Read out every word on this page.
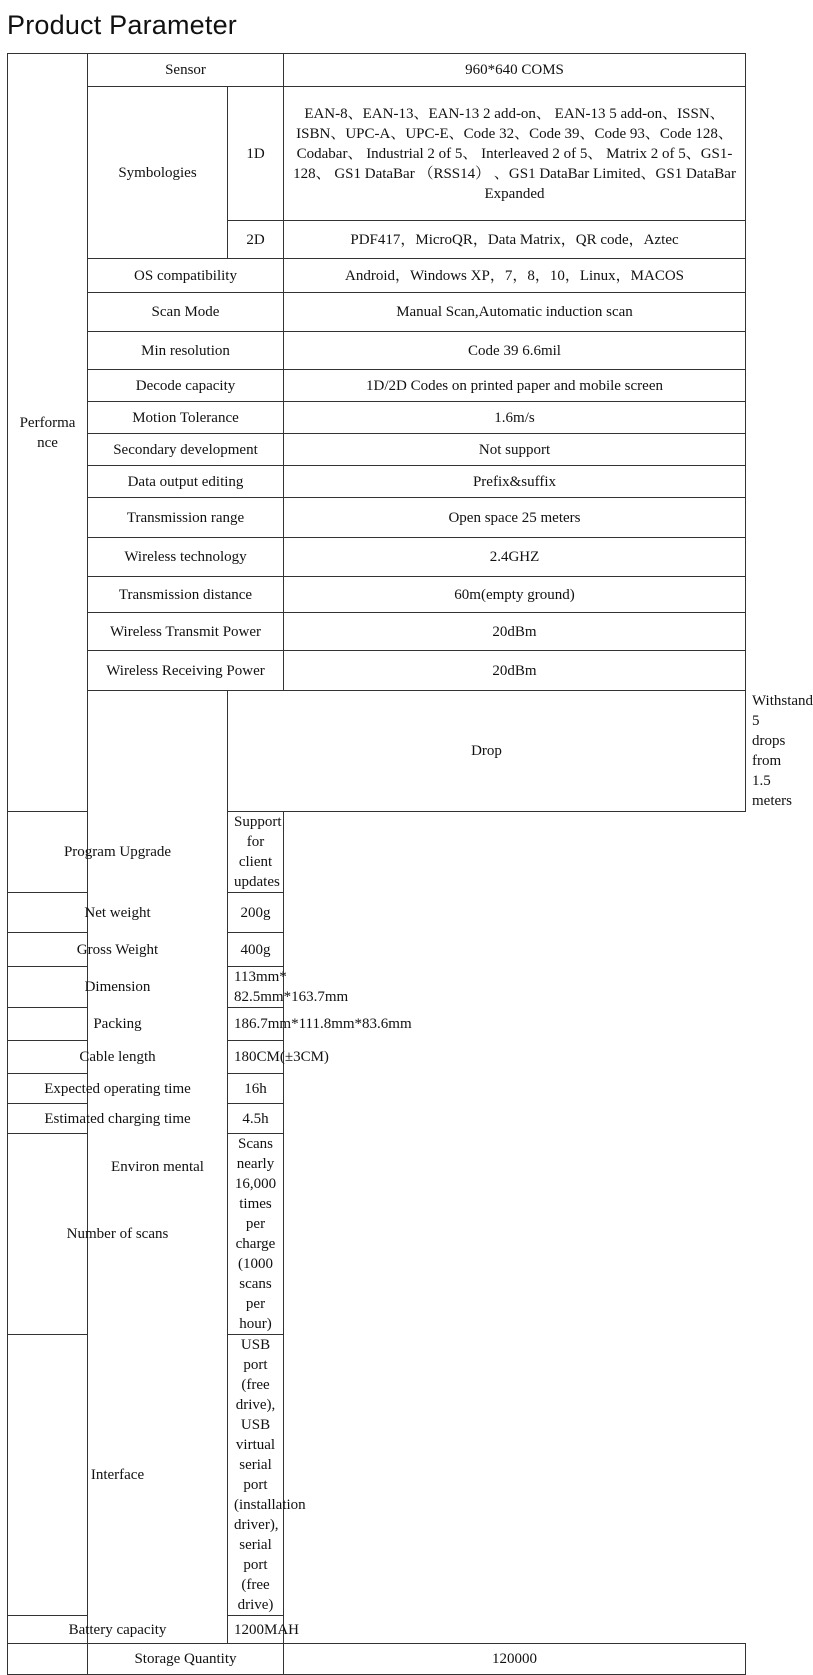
Product Parameter
Performa nce	Sensor		960*640 COMS	
	Symbologies	1D	EAN-8、EAN-13、EAN-13 2 add-on、 EAN-13 5 add-on、ISSN、ISBN、UPC-A、UPC-E、Code 32、Code 39、Code 93、Code 128、Codabar、 Industrial 2 of 5、 Interleaved 2 of 5、 Matrix 2 of 5、GS1-128、 GS1 DataBar （RSS14） 、GS1 DataBar Limited、GS1 DataBar Expanded	
		2D	PDF417，MicroQR，Data Matrix，QR code，Aztec	
	OS compatibility		Android，Windows XP，7，8，10，Linux，MACOS	
	Scan Mode		Manual Scan,Automatic induction scan	
	Min resolution		Code 39 6.6mil	
	Decode capacity		1D/2D Codes on printed paper and mobile screen	
	Motion Tolerance		1.6m/s	
	Secondary development		Not support	
	Data output editing		Prefix&suffix	
	Transmission range		Open space 25 meters	
	Wireless technology		2.4GHZ	
	Transmission distance		60m(empty ground)	
	Wireless Transmit Power		20dBm	
	Wireless Receiving Power		20dBm	
	Environ mental	Drop		Withstand 5 drops from 1.5 meters
Program Upgrade		Support for client updates		
Net weight		200g		
Gross Weight		400g		
Dimension		113mm* 82.5mm*163.7mm		
Packing		186.7mm*111.8mm*83.6mm		
Cable length		180CM(±3CM)		
Expected operating time		16h		
Estimated charging time		4.5h		
Number of scans		Scans nearly 16,000 times per charge (1000 scans per hour)		
Interface		USB port (free drive), USB virtual serial port (installation driver), serial port (free drive)		
Battery capacity		1200MAH		
	Storage Quantity		120000	
